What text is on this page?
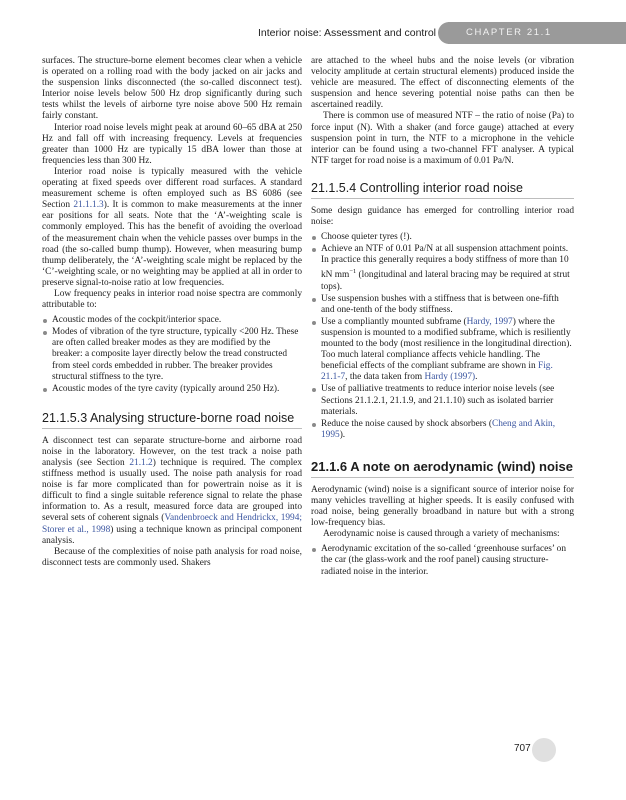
Interior noise: Assessment and control	CHAPTER 21.1

surfaces. The structure-borne element becomes clear when a vehicle is operated on a rolling road with the body jacked on air jacks and the suspension links disconnected (the so-called disconnect test). Interior noise levels below 500 Hz drop significantly during such tests whilst the levels of airborne tyre noise above 500 Hz remain fairly constant.

Interior road noise levels might peak at around 60–65 dBA at 250 Hz and fall off with increasing frequency. Levels at frequencies greater than 1000 Hz are typically 15 dBA lower than those at frequencies less than 300 Hz.

Interior road noise is typically measured with the vehicle operating at fixed speeds over different road surfaces. A standard measurement scheme is often employed such as BS 6086 (see Section 21.1.1.3). It is common to make measurements at the inner ear positions for all seats. Note that the ‘A’-weighting scale is commonly employed. This has the benefit of avoiding the overload of the measurement chain when the vehicle passes over bumps in the road (the so-called bump thump). However, when measuring bump thump deliberately, the ‘A’-weighting scale might be replaced by the ‘C’-weighting scale, or no weighting may be applied at all in order to preserve signal-to-noise ratio at low frequencies.

Low frequency peaks in interior road noise spectra are commonly attributable to:

Acoustic modes of the cockpit/interior space.
Modes of vibration of the tyre structure, typically <200 Hz. These are often called breaker modes as they are modified by the breaker: a composite layer directly below the tread constructed from steel cords embedded in rubber. The breaker provides structural stiffness to the tyre.
Acoustic modes of the tyre cavity (typically around 250 Hz).
21.1.5.3 Analysing structure-borne road noise

A disconnect test can separate structure-borne and airborne road noise in the laboratory. However, on the test track a noise path analysis (see Section 21.1.2) technique is required. The complex stiffness method is usually used. The noise path analysis for road noise is far more complicated than for powertrain noise as it is difficult to find a single suitable reference signal to relate the phase information to. As a result, measured force data are grouped into several sets of coherent signals (Vandenbroeck and Hendrickx, 1994; Storer et al., 1998) using a technique known as principal component analysis.

Because of the complexities of noise path analysis for road noise, disconnect tests are commonly used. Shakers

are attached to the wheel hubs and the noise levels (or vibration velocity amplitude at certain structural elements) produced inside the vehicle are measured. The effect of disconnecting elements of the suspension and hence severing potential noise paths can then be ascertained readily.

There is common use of measured NTF – the ratio of noise (Pa) to force input (N). With a shaker (and force gauge) attached at every suspension point in turn, the NTF to a microphone in the vehicle interior can be found using a two-channel FFT analyser. A typical NTF target for road noise is a maximum of 0.01 Pa/N.

21.1.5.4 Controlling interior road noise

Some design guidance has emerged for controlling interior road noise:

Choose quieter tyres (!).
Achieve an NTF of 0.01 Pa/N at all suspension attachment points. In practice this generally requires a body stiffness of more than 10 kN $mm^{-1}$ (longitudinal and lateral bracing may be required at strut tops).
Use suspension bushes with a stiffness that is between one-fifth and one-tenth of the body stiffness.
Use a compliantly mounted subframe (Hardy, 1997) where the suspension is mounted to a modified subframe, which is resiliently mounted to the body (most resilience in the longitudinal direction). Too much lateral compliance affects vehicle handling. The beneficial effects of the compliant subframe are shown in Fig. 21.1-7, the data taken from Hardy (1997).
Use of palliative treatments to reduce interior noise levels (see Sections 21.1.2.1, 21.1.9, and 21.1.10) such as isolated barrier materials.
Reduce the noise caused by shock absorbers (Cheng and Akin, 1995).
21.1.6 A note on aerodynamic (wind) noise

Aerodynamic (wind) noise is a significant source of interior noise for many vehicles travelling at higher speeds. It is easily confused with road noise, being generally broadband in nature but with a strong low-frequency bias.

Aerodynamic noise is caused through a variety of mechanisms:

Aerodynamic excitation of the so-called ‘greenhouse surfaces’ on the car (the glass-work and the roof panel) causing structure-radiated noise in the interior.
707
